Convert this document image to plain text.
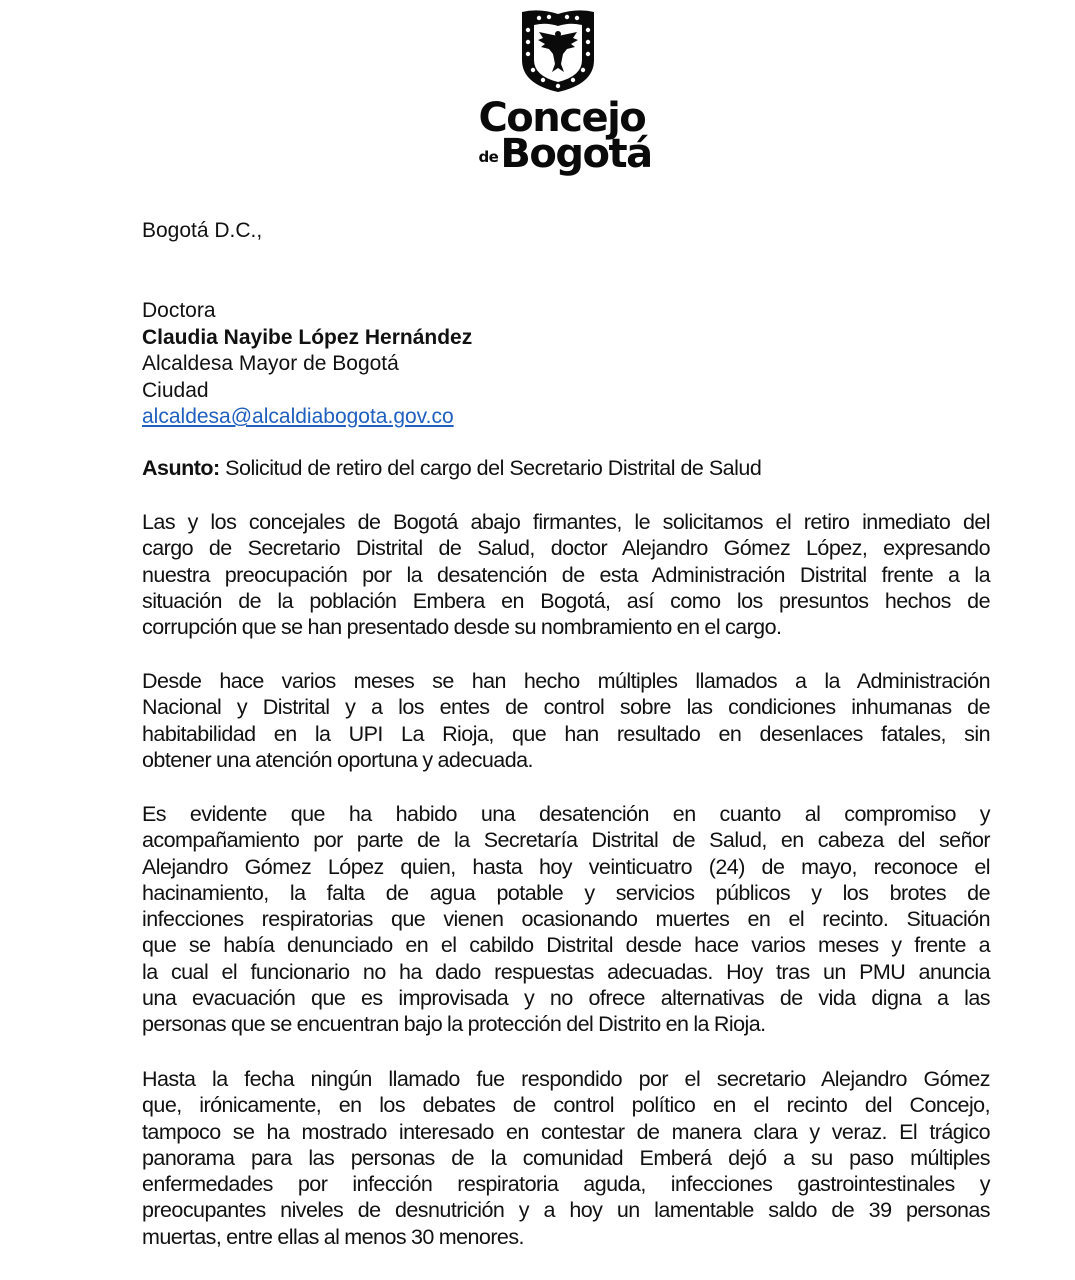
Concejo
de Bogotá
Bogotá D.C.,
Doctora
Claudia Nayibe López Hernández
Alcaldesa Mayor de Bogotá
Ciudad
alcaldesa@alcaldiabogota.gov.co
Asunto: Solicitud de retiro del cargo del Secretario Distrital de Salud
Las y los concejales de Bogotá abajo firmantes, le solicitamos el retiro inmediato del
cargo de Secretario Distrital de Salud, doctor Alejandro Gómez López, expresando
nuestra preocupación por la desatención de esta Administración Distrital frente a la
situación de la población Embera en Bogotá, así como los presuntos hechos de
corrupción que se han presentado desde su nombramiento en el cargo.
Desde hace varios meses se han hecho múltiples llamados a la Administración
Nacional y Distrital y a los entes de control sobre las condiciones inhumanas de
habitabilidad en la UPI La Rioja, que han resultado en desenlaces fatales, sin
obtener una atención oportuna y adecuada.
Es evidente que ha habido una desatención en cuanto al compromiso y
acompañamiento por parte de la Secretaría Distrital de Salud, en cabeza del señor
Alejandro Gómez López quien, hasta hoy veinticuatro (24) de mayo, reconoce el
hacinamiento, la falta de agua potable y servicios públicos y los brotes de
infecciones respiratorias que vienen ocasionando muertes en el recinto. Situación
que se había denunciado en el cabildo Distrital desde hace varios meses y frente a
la cual el funcionario no ha dado respuestas adecuadas. Hoy tras un PMU anuncia
una evacuación que es improvisada y no ofrece alternativas de vida digna a las
personas que se encuentran bajo la protección del Distrito en la Rioja.
Hasta la fecha ningún llamado fue respondido por el secretario Alejandro Gómez
que, irónicamente, en los debates de control político en el recinto del Concejo,
tampoco se ha mostrado interesado en contestar de manera clara y veraz. El trágico
panorama para las personas de la comunidad Emberá dejó a su paso múltiples
enfermedades por infección respiratoria aguda, infecciones gastrointestinales y
preocupantes niveles de desnutrición y a hoy un lamentable saldo de 39 personas
muertas, entre ellas al menos 30 menores.
